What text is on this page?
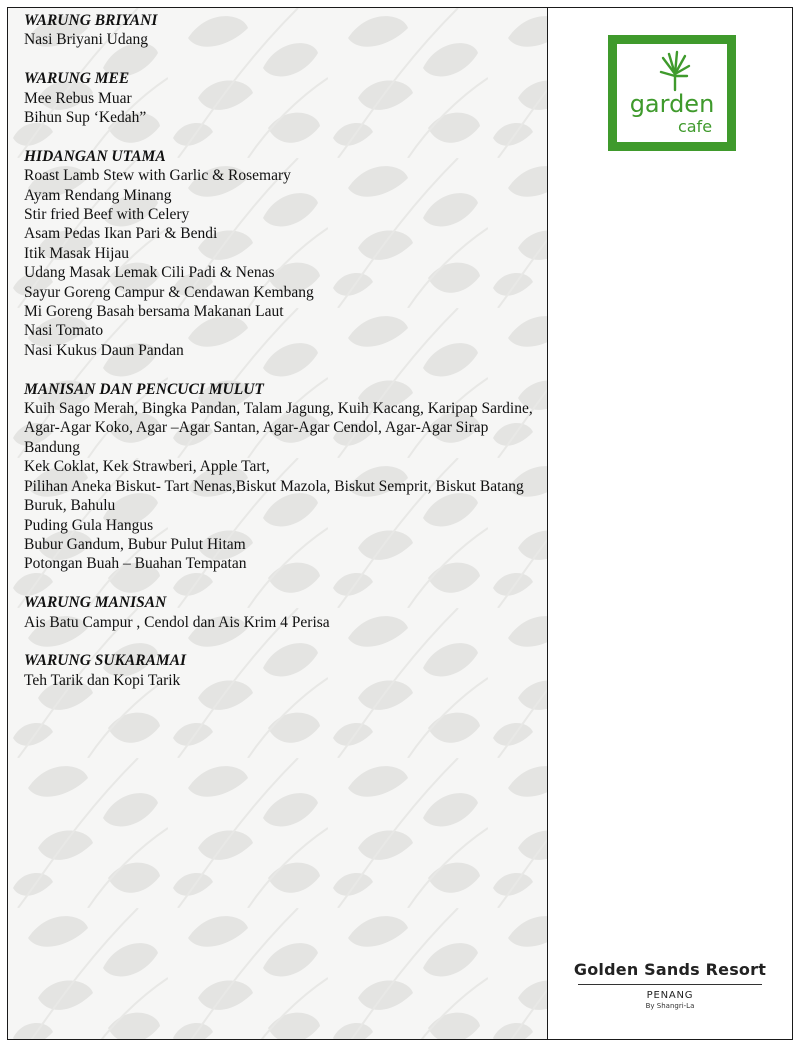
WARUNG BRIYANI
Nasi Briyani Udang
WARUNG MEE
Mee Rebus Muar
Bihun Sup ‘Kedah”
HIDANGAN UTAMA
Roast Lamb Stew with Garlic & Rosemary
Ayam Rendang Minang
Stir fried Beef with Celery
Asam Pedas Ikan Pari & Bendi
Itik Masak Hijau
Udang Masak Lemak Cili Padi & Nenas
Sayur Goreng Campur & Cendawan Kembang
Mi Goreng Basah bersama Makanan Laut
Nasi Tomato
Nasi Kukus Daun Pandan
MANISAN DAN PENCUCI MULUT
Kuih Sago Merah, Bingka Pandan, Talam Jagung, Kuih Kacang, Karipap Sardine,
Agar-Agar Koko, Agar –Agar Santan, Agar-Agar Cendol, Agar-Agar Sirap Bandung
Kek Coklat, Kek Strawberi, Apple Tart,
Pilihan Aneka Biskut- Tart Nenas,Biskut Mazola, Biskut Semprit, Biskut Batang Buruk, Bahulu
Puding Gula Hangus
Bubur Gandum, Bubur Pulut Hitam
Potongan Buah – Buahan Tempatan
WARUNG MANISAN
Ais Batu Campur , Cendol dan Ais Krim 4 Perisa
WARUNG SUKARAMAI
Teh Tarik dan Kopi Tarik
garden
cafe
Golden Sands Resort
PENANG
By Shangri-La
